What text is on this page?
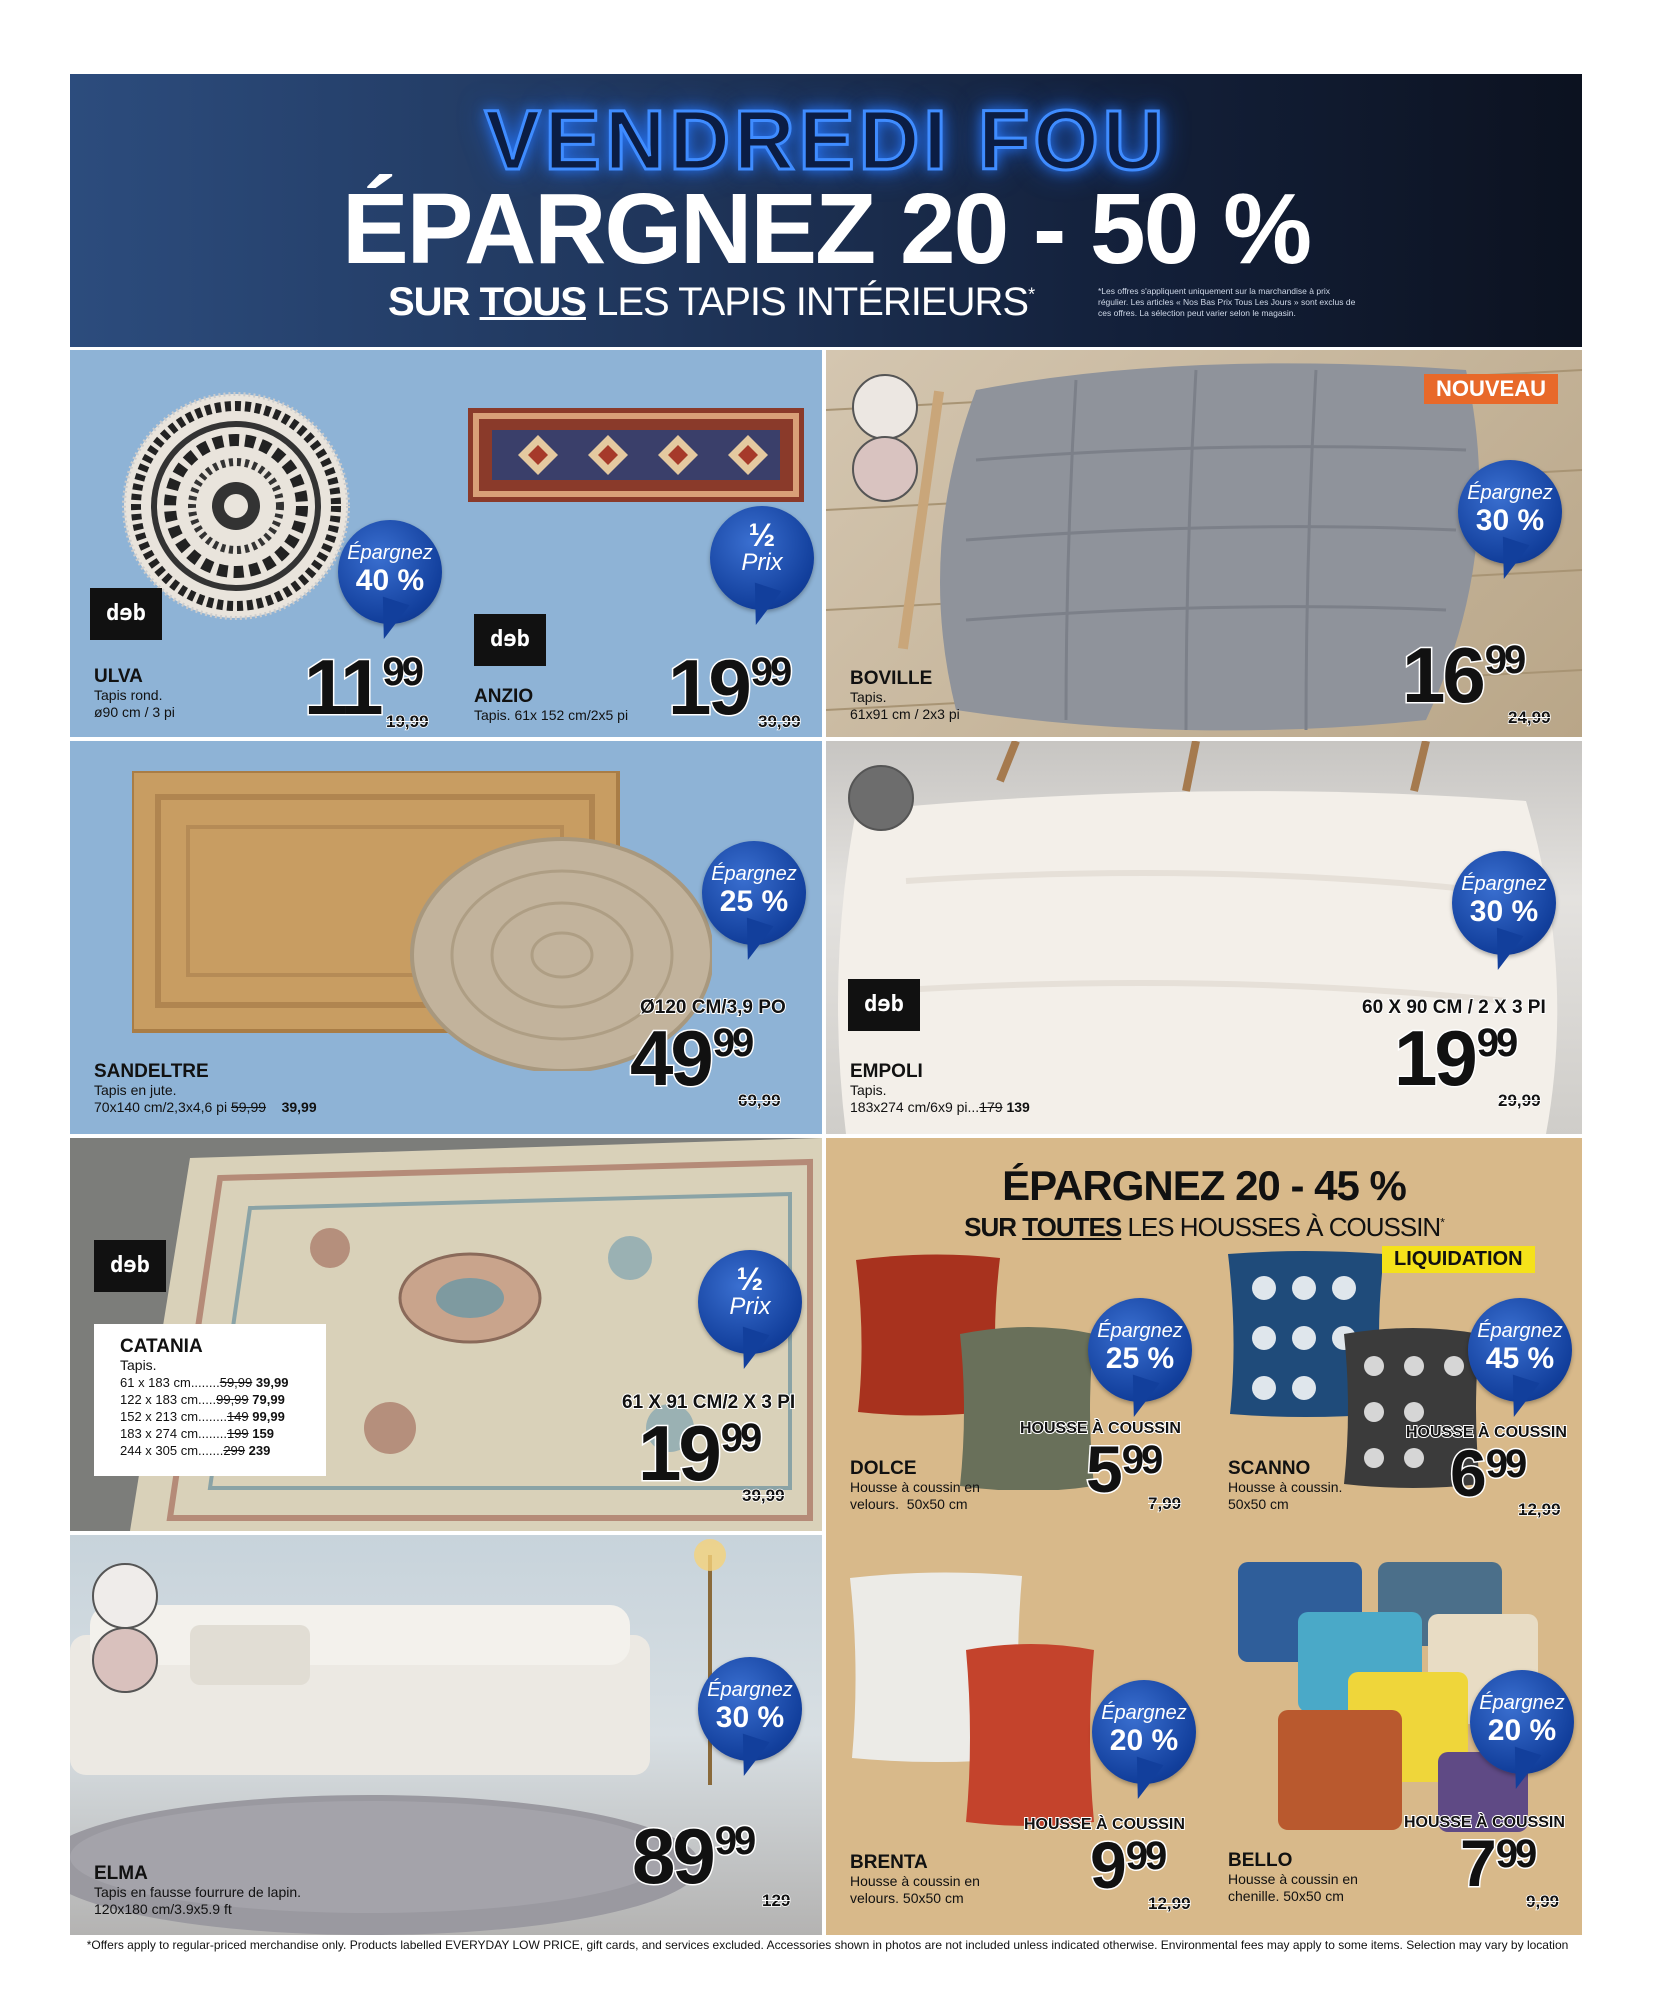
VENDREDI FOU
ÉPARGNEZ 20 - 50 %
SUR TOUS LES TAPIS INTÉRIEURS*	*Les offres s'appliquent uniquement sur la marchandise à prix régulier. Les articles « Nos Bas Prix Tous Les Jours » sont exclus de ces offres. La sélection peut varier selon le magasin.
dɘb
Épargnez
40 %
ULVA
Tapis rond.
ø90 cm / 3 pi 1199
19,99
½
Prix
dɘb
ANZIO
Tapis. 61x 152 cm/2x5 pi 1999
39,99
NOUVEAU
Épargnez
30 %
BOVILLE
Tapis.
61x91 cm / 2x3 pi	1699
24,99
Épargnez
25 %
Ø120 CM/3,9 PO
4999
69,99
SANDELTRE
Tapis en jute.
70x140 cm/2,3x4,6 pi 59,99 39,99
Épargnez
30 %
dɘb	60 X 90 CM / 2 X 3 PI
1999
29,99
EMPOLI
Tapis.
183x274 cm/6x9 pi...179 139
dɘb
CATANIA
Tapis.
61 x 183 cm........59,99 39,99
122 x 183 cm.....99,99 79,99
152 x 213 cm........149 99,99
183 x 274 cm........199 159
244 x 305 cm.......299 239
½
Prix
61 X 91 CM/2 X 3 PI
1999
39,99
Épargnez
30 %
8999
129
ELMA
Tapis en fausse fourrure de lapin.
120x180 cm/3.9x5.9 ft
ÉPARGNEZ 20 - 45 %
SUR TOUTES LES HOUSSES À COUSSIN*
Épargnez
25 %
HOUSSE À COUSSIN
599
7,99
DOLCE
Housse à coussin en
velours.  50x50 cm
LIQUIDATION
Épargnez
45 %
HOUSSE À COUSSIN
699
12,99
SCANNO
Housse à coussin.
50x50 cm
Épargnez
20 %
HOUSSE À COUSSIN
999
12,99
BRENTA
Housse à coussin en
velours. 50x50 cm
Épargnez
20 %
HOUSSE À COUSSIN
799
9,99
BELLO
Housse à coussin en
chenille. 50x50 cm
*Offers apply to regular-priced merchandise only. Products labelled EVERYDAY LOW PRICE, gift cards, and services excluded. Accessories shown in photos are not included unless indicated otherwise. Environmental fees may apply to some items. Selection may vary by location
